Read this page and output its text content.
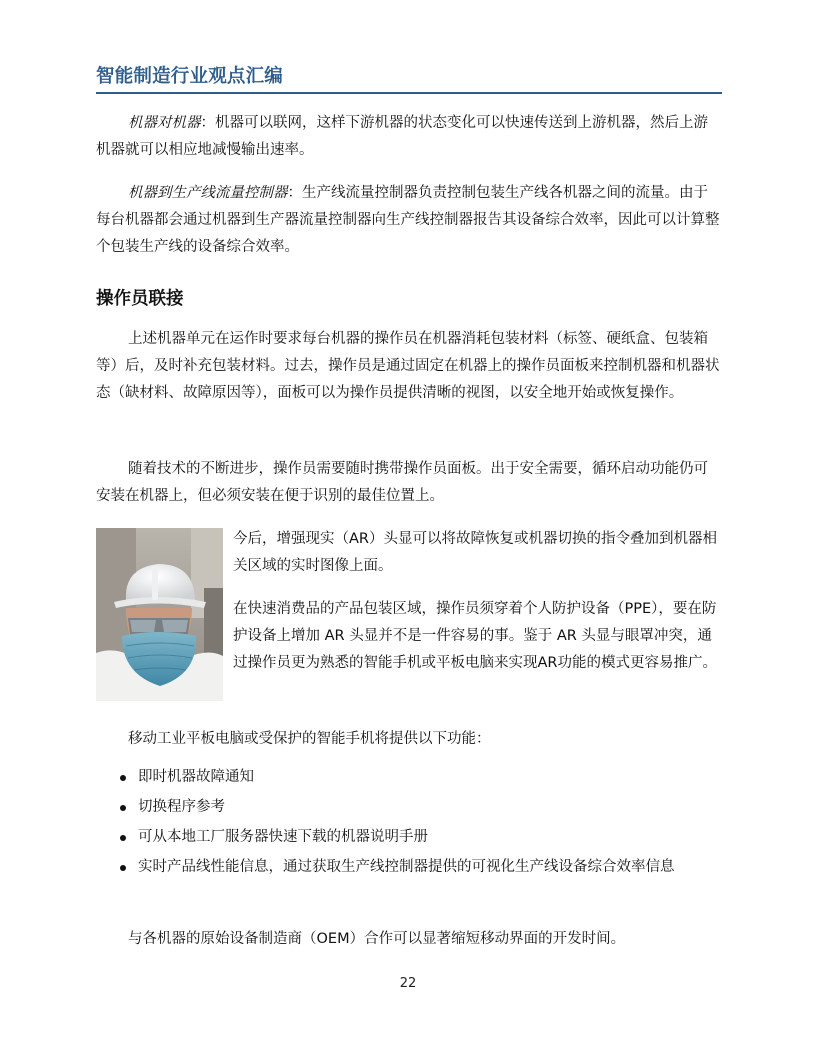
智能制造行业观点汇编

机器对机器：机器可以联网，这样下游机器的状态变化可以快速传送到上游机器，然后上游机器就可以相应地减慢输出速率。

机器到生产线流量控制器：生产线流量控制器负责控制包装生产线各机器之间的流量。由于每台机器都会通过机器到生产器流量控制器向生产线控制器报告其设备综合效率，因此可以计算整个包装生产线的设备综合效率。

操作员联接

上述机器单元在运作时要求每台机器的操作员在机器消耗包装材料（标签、硬纸盒、包装箱等）后，及时补充包装材料。过去，操作员是通过固定在机器上的操作员面板来控制机器和机器状态（缺材料、故障原因等），面板可以为操作员提供清晰的视图，以安全地开始或恢复操作。

随着技术的不断进步，操作员需要随时携带操作员面板。出于安全需要，循环启动功能仍可安装在机器上，但必须安装在便于识别的最佳位置上。

今后，增强现实（AR）头显可以将故障恢复或机器切换的指令叠加到机器相关区域的实时图像上面。

在快速消费品的产品包装区域，操作员须穿着个人防护设备（PPE），要在防护设备上增加 AR 头显并不是一件容易的事。鉴于 AR 头显与眼罩冲突，通过操作员更为熟悉的智能手机或平板电脑来实现AR功能的模式更容易推广。

移动工业平板电脑或受保护的智能手机将提供以下功能：

即时机器故障通知
切换程序参考
可从本地工厂服务器快速下载的机器说明手册
实时产品线性能信息，通过获取生产线控制器提供的可视化生产线设备综合效率信息

与各机器的原始设备制造商（OEM）合作可以显著缩短移动界面的开发时间。

22
